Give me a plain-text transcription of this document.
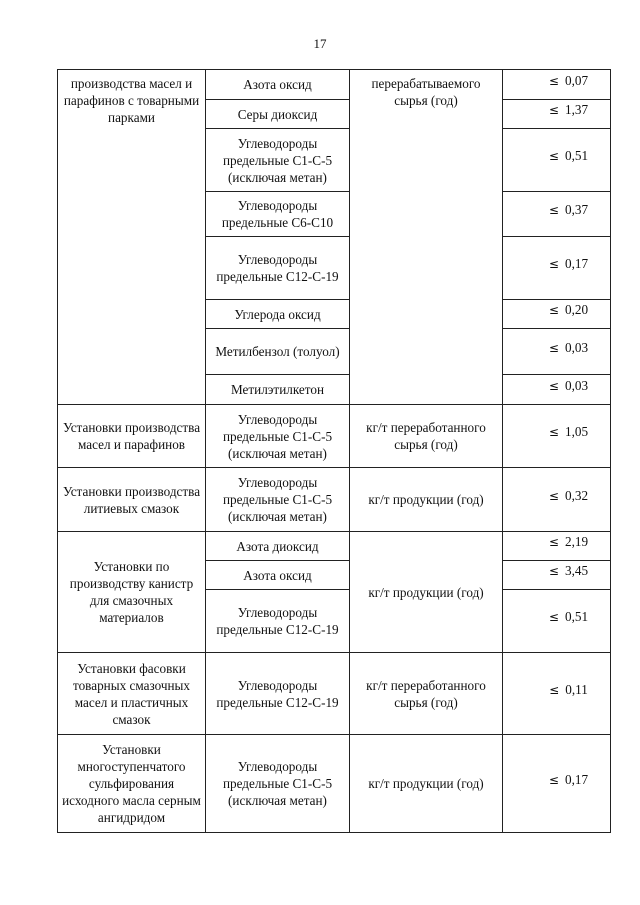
17
производства масел и парафинов с товарными парками	Азота оксид	перерабатываемого сырья (год)	≤ 0,07
	Серы диоксид		≤ 1,37
	Углеводороды предельные С1-С-5 (исключая метан)		≤ 0,51
	Углеводороды предельные С6-С10		≤ 0,37
	Углеводороды предельные С12-С-19		≤ 0,17
	Углерода оксид		≤ 0,20
	Метилбензол (толуол)		≤ 0,03
	Метилэтилкетон		≤ 0,03
Установки производства масел и парафинов	Углеводороды предельные С1-С-5 (исключая метан)	кг/т переработанного сырья (год)	≤ 1,05
Установки производства литиевых смазок	Углеводороды предельные С1-С-5 (исключая метан)	кг/т продукции (год)	≤ 0,32
Установки по производству канистр для смазочных материалов	Азота диоксид	кг/т продукции (год)	≤ 2,19
	Азота оксид		≤ 3,45
	Углеводороды предельные С12-С-19		≤ 0,51
Установки фасовки товарных смазочных масел и пластичных смазок	Углеводороды предельные С12-С-19	кг/т переработанного сырья (год)	≤ 0,11
Установки многоступенчатого сульфирования исходного масла серным ангидридом	Углеводороды предельные С1-С-5 (исключая метан)	кг/т продукции (год)	≤ 0,17
